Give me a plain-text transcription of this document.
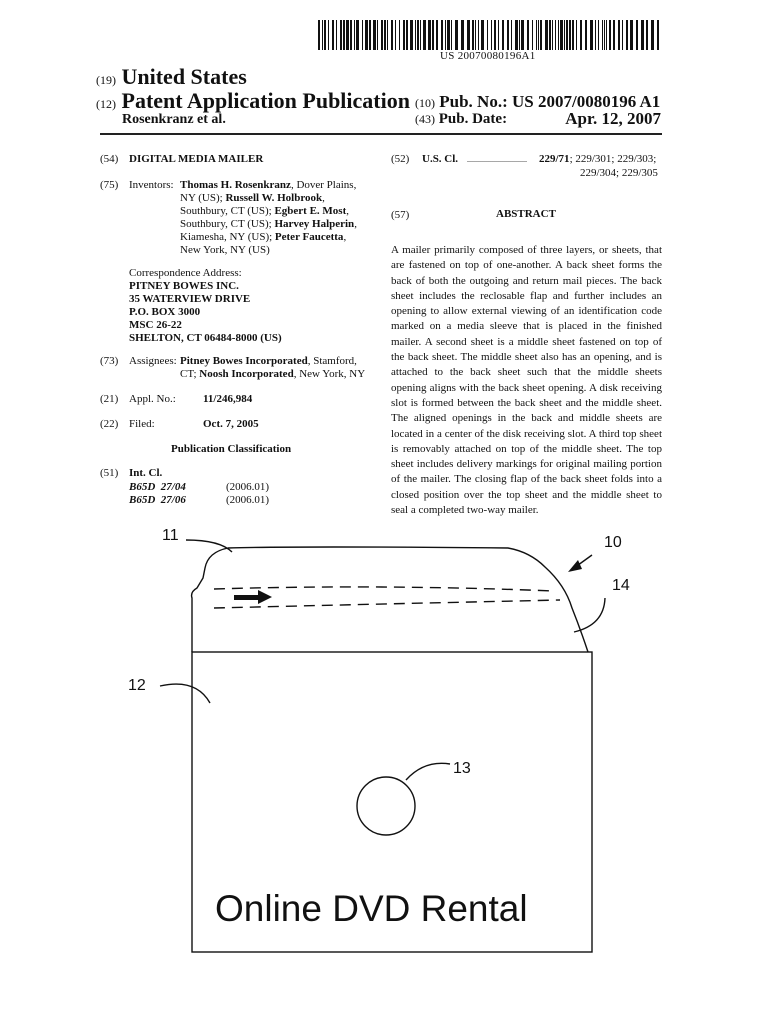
US 20070080196A1
(19) United States
(12) Patent Application Publication
Rosenkranz et al.
(10) Pub. No.: US 2007/0080196 A1
(43) Pub. Date:	Apr. 12, 2007
(54) DIGITAL MEDIA MAILER
(75) Inventors: Thomas H. Rosenkranz, Dover Plains,
NY (US); Russell W. Holbrook,
Southbury, CT (US); Egbert E. Most,
Southbury, CT (US); Harvey Halperin,
Kiamesha, NY (US); Peter Faucetta,
New York, NY (US)
Correspondence Address:
PITNEY BOWES INC.
35 WATERVIEW DRIVE
P.O. BOX 3000
MSC 26-22
SHELTON, CT 06484-8000 (US)
(73) Assignees: Pitney Bowes Incorporated, Stamford,
CT; Noosh Incorporated, New York, NY
(21) Appl. No.: 11/246,984
(22) Filed:	Oct. 7, 2005
Publication Classification
(51) Int. Cl.
B65D  27/04	(2006.01)
B65D  27/06	(2006.01)
(52) U.S. Cl. .............................. 229/71; 229/301; 229/303;
229/304; 229/305
(57)	ABSTRACT
A mailer primarily composed of three layers, or sheets, that are fastened on top of one-another. A back sheet forms the back of both the outgoing and return mail pieces. The back sheet includes the reclosable flap and further includes an opening to allow external viewing of an identification code marked on a media sleeve that is placed in the finished mailer. A second sheet is a middle sheet fastened on top of the back sheet. The middle sheet also has an opening, and is attached to the back sheet such that the middle sheets opening aligns with the back sheet opening. A disk receiving slot is formed between the back sheet and the middle sheet. The aligned openings in the back and middle sheets are located in a center of the disk receiving slot. A third top sheet is removably attached on top of the middle sheet. The top sheet includes delivery markings for original mailing portion of the mailer. The closing flap of the back sheet folds into a closed position over the top sheet and the middle sheet to seal a completed two-way mailer.
11	10
14
12
13
Online DVD Rental
